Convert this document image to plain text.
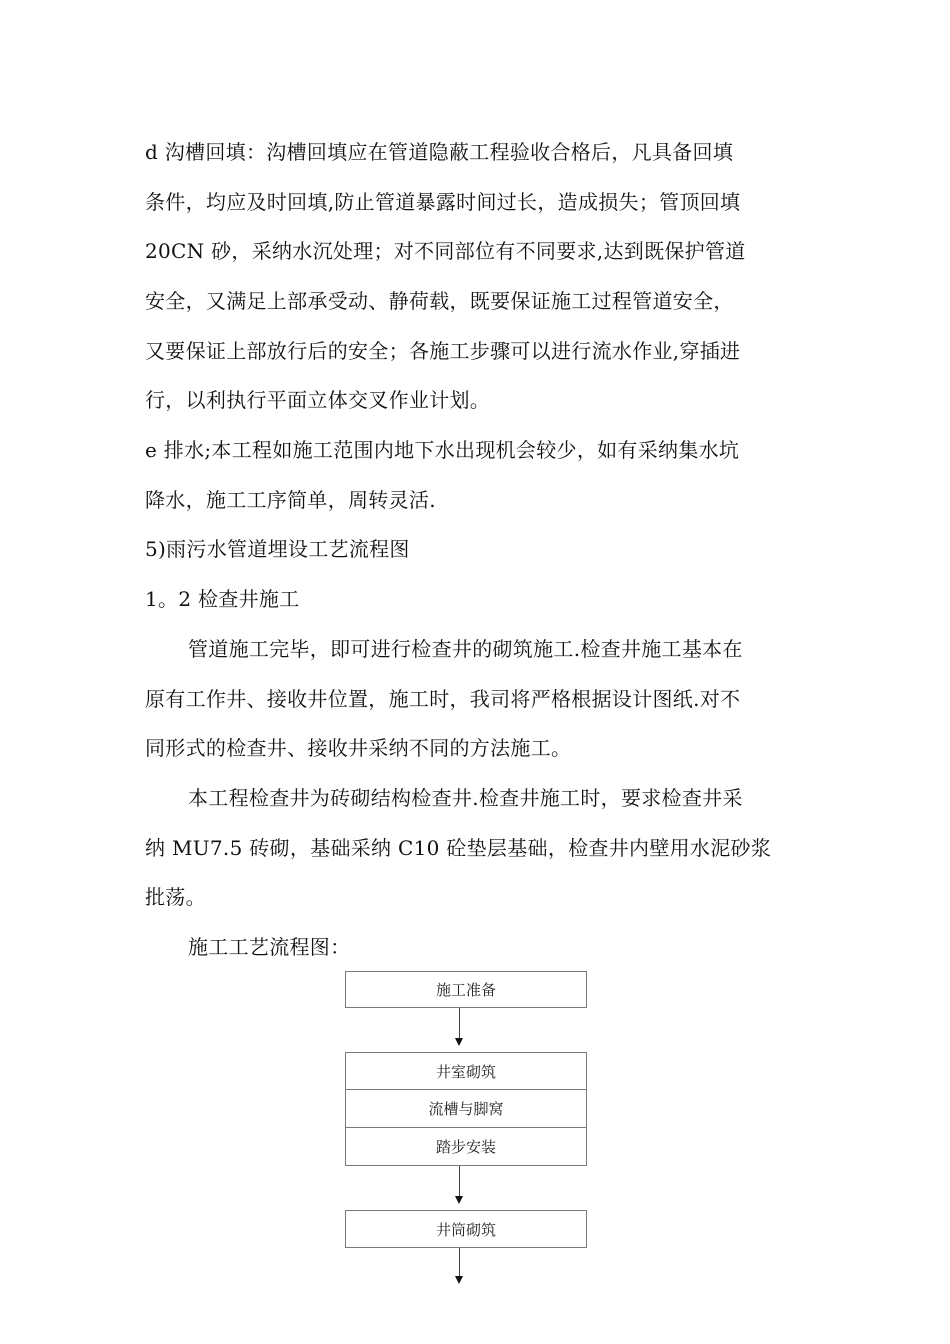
d 沟槽回填：沟槽回填应在管道隐蔽工程验收合格后，凡具备回填
条件，均应及时回填,防止管道暴露时间过长，造成损失；管顶回填
20CN 砂，采纳水沉处理；对不同部位有不同要求,达到既保护管道
安全，又满足上部承受动、静荷载，既要保证施工过程管道安全，
又要保证上部放行后的安全；各施工步骤可以进行流水作业,穿插进
行，以利执行平面立体交叉作业计划。
e 排水;本工程如施工范围内地下水出现机会较少，如有采纳集水坑
降水，施工工序简单，周转灵活.
5)雨污水管道埋设工艺流程图
1。2 检查井施工
管道施工完毕，即可进行检查井的砌筑施工.检查井施工基本在
原有工作井、接收井位置，施工时，我司将严格根据设计图纸.对不
同形式的检查井、接收井采纳不同的方法施工。
本工程检查井为砖砌结构检查井.检查井施工时，要求检查井采
纳 MU7.5 砖砌，基础采纳 C10 砼垫层基础，检查井内壁用水泥砂浆
批荡。
施工工艺流程图：
施工准备
井室砌筑
流槽与脚窝
踏步安装
井筒砌筑
